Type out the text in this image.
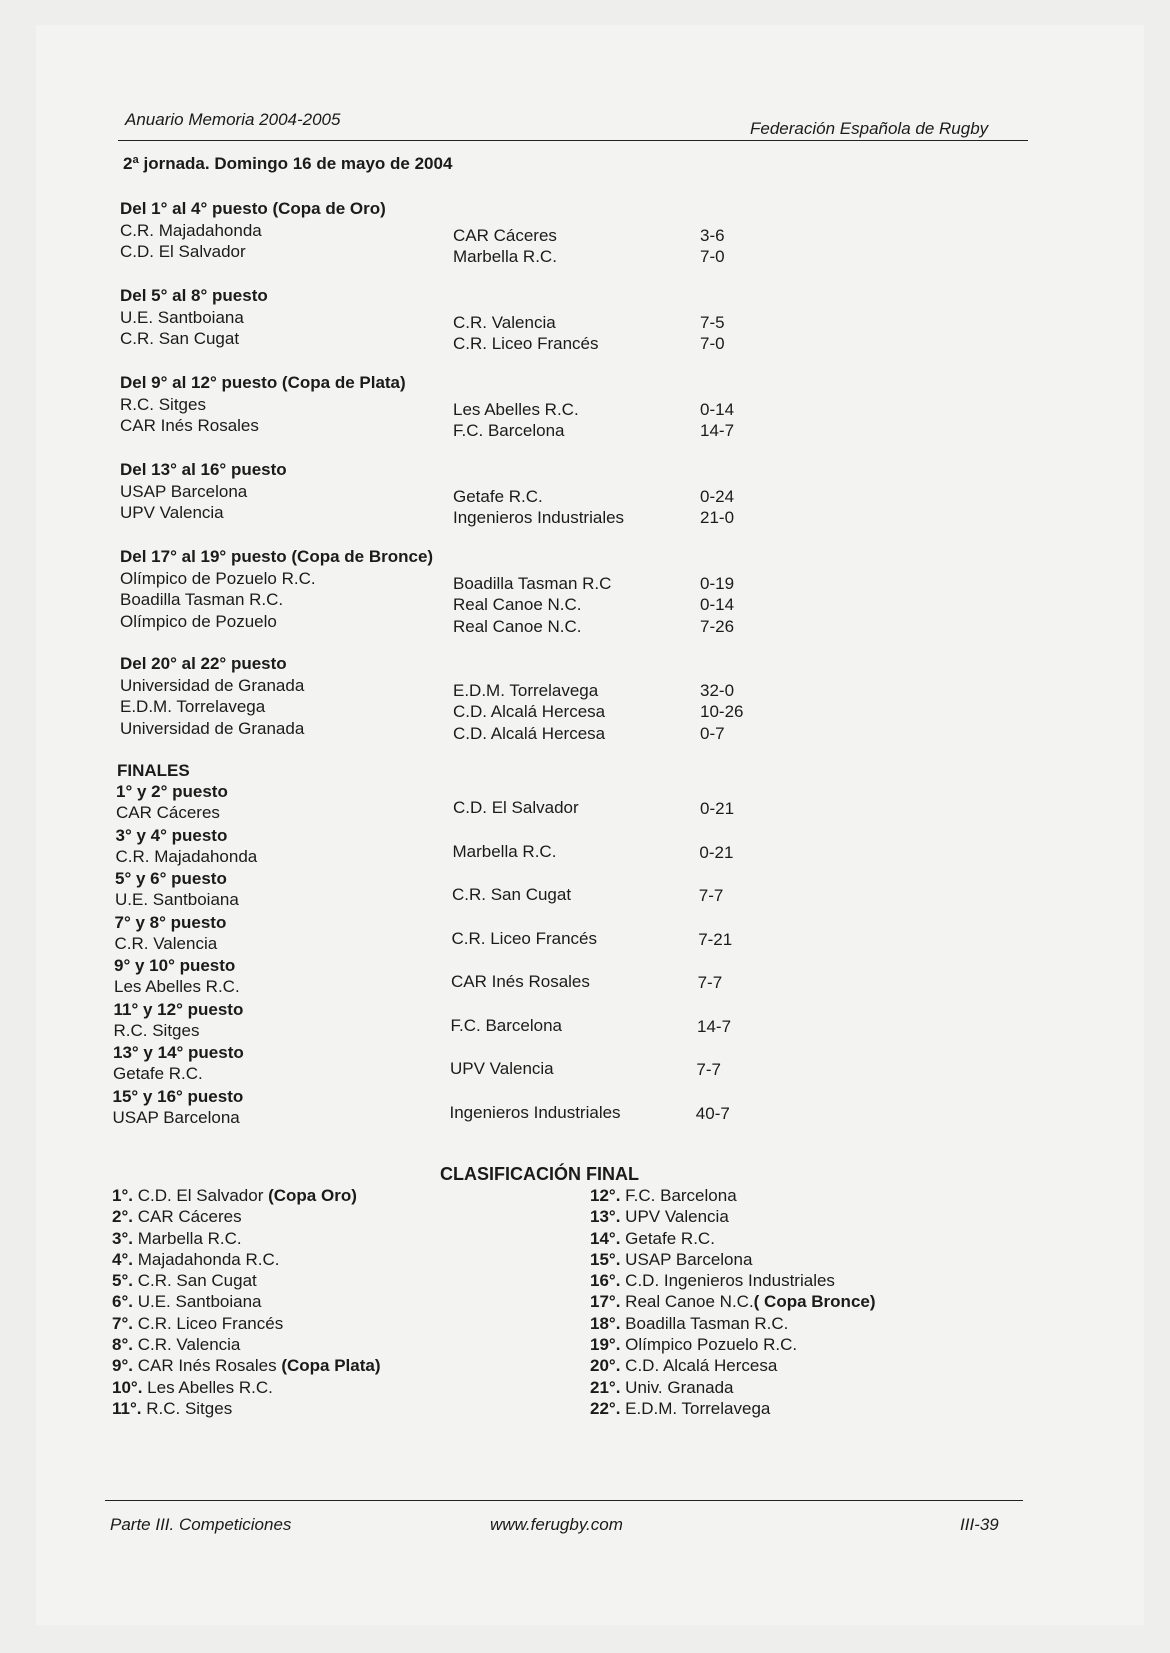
Anuario Memoria 2004-2005	Federación Española de Rugby
2ª jornada. Domingo 16 de mayo de 2004
Del 1° al 4° puesto (Copa de Oro)
C.R. Majadahonda	CAR Cáceres	3-6
C.D. El Salvador	Marbella R.C.	7-0
Del 5° al 8° puesto
U.E. Santboiana	C.R. Valencia	7-5
C.R. San Cugat	C.R. Liceo Francés	7-0
Del 9° al 12° puesto (Copa de Plata)
R.C. Sitges	Les Abelles R.C.	0-14
CAR Inés Rosales	F.C. Barcelona	14-7
Del 13° al 16° puesto
USAP Barcelona	Getafe R.C.	0-24
UPV Valencia	Ingenieros Industriales	21-0
Del 17° al 19° puesto (Copa de Bronce)
Olímpico de Pozuelo R.C.	Boadilla Tasman R.C	0-19
Boadilla Tasman R.C.	Real Canoe N.C.	0-14
Olímpico de Pozuelo	Real Canoe N.C.	7-26
Del 20° al 22° puesto
Universidad de Granada	E.D.M. Torrelavega	32-0
E.D.M. Torrelavega	C.D. Alcalá Hercesa	10-26
Universidad de Granada	C.D. Alcalá Hercesa	0-7
FINALES
1° y 2° puesto
CAR Cáceres	C.D. El Salvador	0-21
3° y 4° puesto
C.R. Majadahonda	Marbella R.C.	0-21
5° y 6° puesto
U.E. Santboiana	C.R. San Cugat	7-7
7° y 8° puesto
C.R. Valencia	C.R. Liceo Francés	7-21
9° y 10° puesto
Les Abelles R.C.	CAR Inés Rosales	7-7
11° y 12° puesto
R.C. Sitges	F.C. Barcelona	14-7
13° y 14° puesto
Getafe R.C.	UPV Valencia	7-7
15° y 16° puesto
USAP Barcelona	Ingenieros Industriales	40-7
CLASIFICACIÓN FINAL
1°. C.D. El Salvador (Copa Oro)
2°. CAR Cáceres
3°. Marbella R.C.
4°. Majadahonda R.C.
5°. C.R. San Cugat
6°. U.E. Santboiana
7°. C.R. Liceo Francés
8°. C.R. Valencia
9°. CAR Inés Rosales (Copa Plata)
10°. Les Abelles R.C.
11°. R.C. Sitges
12°. F.C. Barcelona
13°. UPV Valencia
14°. Getafe R.C.
15°. USAP Barcelona
16°. C.D. Ingenieros Industriales
17°. Real Canoe N.C.( Copa Bronce)
18°. Boadilla Tasman R.C.
19°. Olímpico Pozuelo R.C.
20°. C.D. Alcalá Hercesa
21°. Univ. Granada
22°. E.D.M. Torrelavega
Parte III. Competiciones	www.ferugby.com	III-39
